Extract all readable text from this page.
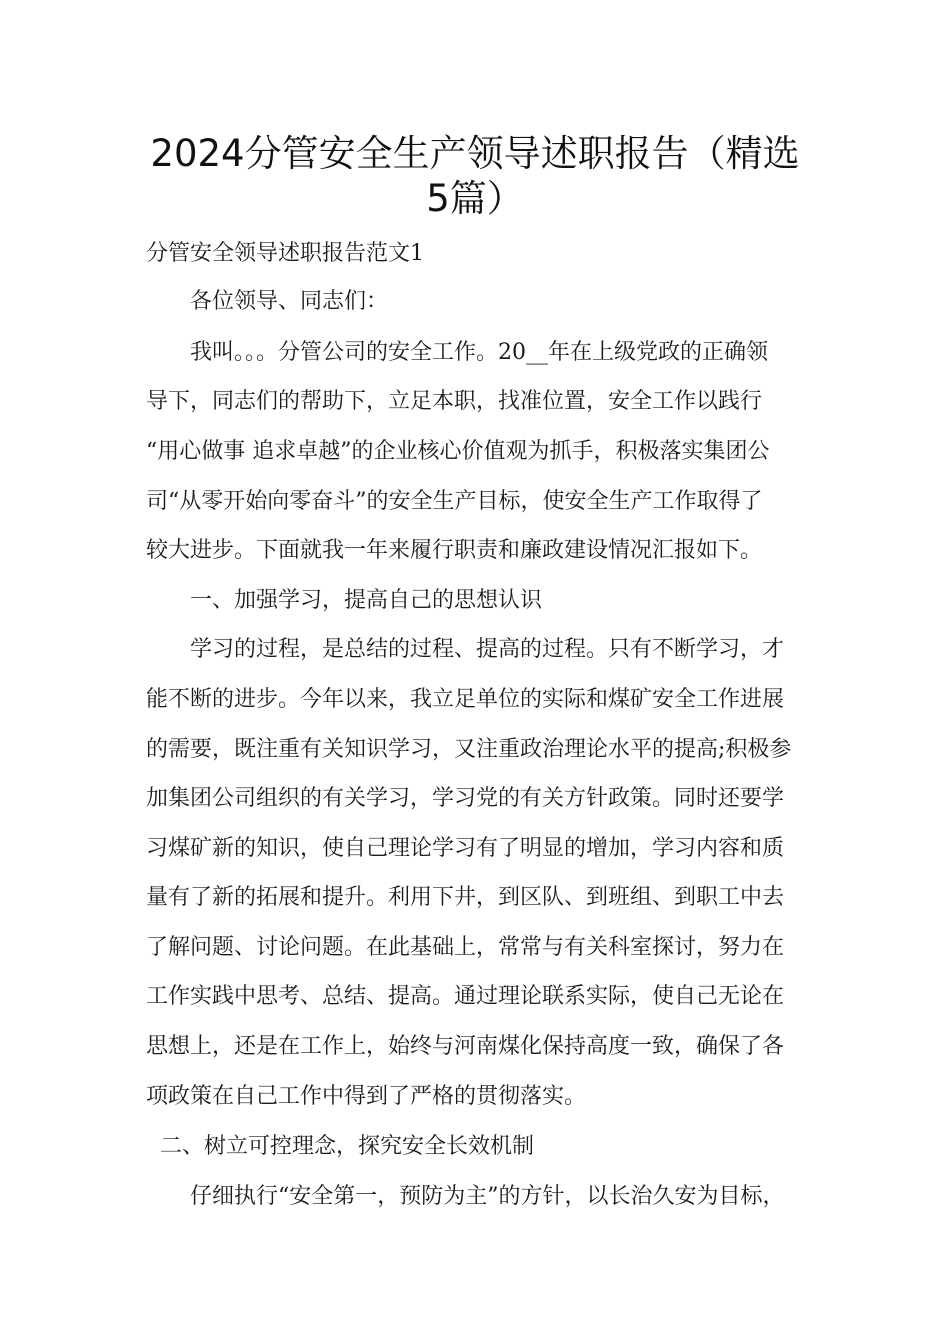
2024分管安全生产领导述职报告（精选
5篇）

分管安全领导述职报告范文1

各位领导、同志们：

我叫。。。分管公司的安全工作。20__年在上级党政的正确领

导下，同志们的帮助下，立足本职，找准位置，安全工作以践行

“用心做事 追求卓越”的企业核心价值观为抓手，积极落实集团公

司“从零开始向零奋斗”的安全生产目标，使安全生产工作取得了

较大进步。下面就我一年来履行职责和廉政建设情况汇报如下。

一、加强学习，提高自己的思想认识

学习的过程，是总结的过程、提高的过程。只有不断学习，才

能不断的进步。今年以来，我立足单位的实际和煤矿安全工作进展

的需要，既注重有关知识学习，又注重政治理论水平的提高;积极参

加集团公司组织的有关学习，学习党的有关方针政策。同时还要学

习煤矿新的知识，使自己理论学习有了明显的增加，学习内容和质

量有了新的拓展和提升。利用下井，到区队、到班组、到职工中去

了解问题、讨论问题。在此基础上，常常与有关科室探讨，努力在

工作实践中思考、总结、提高。通过理论联系实际，使自己无论在

思想上，还是在工作上，始终与河南煤化保持高度一致，确保了各

项政策在自己工作中得到了严格的贯彻落实。

二、树立可控理念，探究安全长效机制

仔细执行“安全第一，预防为主”的方针，以长治久安为目标，
